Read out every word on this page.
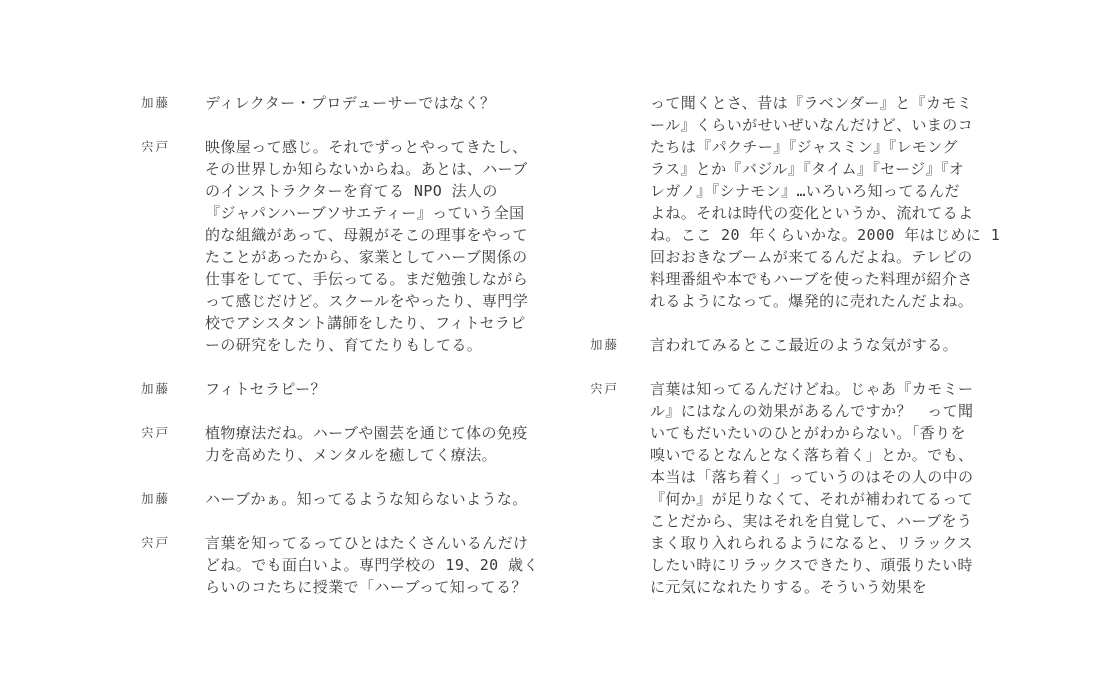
加藤 ディレクター・プロデューサーではなく？
宍戸 映像屋って感じ。それでずっとやってきたし、
その世界しか知らないからね。あとは、ハーブ
のインストラクターを育てる NPO 法人の
『ジャパンハーブソサエティー』っていう全国
的な組織があって、母親がそこの理事をやって
たことがあったから、家業としてハーブ関係の
仕事をしてて、手伝ってる。まだ勉強しながら
って感じだけど。スクールをやったり、専門学
校でアシスタント講師をしたり、フィトセラピ
ーの研究をしたり、育てたりもしてる。
加藤 フィトセラピー？
宍戸 植物療法だね。ハーブや園芸を通じて体の免疫
力を高めたり、メンタルを癒してく療法。
加藤 ハーブかぁ。知ってるような知らないような。
宍戸 言葉を知ってるってひとはたくさんいるんだけ
どね。でも面白いよ。専門学校の 19、20 歳く
らいのコたちに授業で「ハーブって知ってる？
って聞くとさ、昔は『ラベンダー』と『カモミ
ール』くらいがせいぜいなんだけど、いまのコ
たちは『パクチー』『ジャスミン』『レモング
ラス』とか『バジル』『タイム』『セージ』『オ
レガノ』『シナモン』…いろいろ知ってるんだ
よね。それは時代の変化というか、流れてるよ
ね。ここ 20 年くらいかな。2000 年はじめに 1
回おおきなブームが来てるんだよね。テレビの
料理番組や本でもハーブを使った料理が紹介さ
れるようになって。爆発的に売れたんだよね。
加藤 言われてみるとここ最近のような気がする。
宍戸 言葉は知ってるんだけどね。じゃあ『カモミー
ル』にはなんの効果があるんですか？　って聞
いてもだいたいのひとがわからない。「香りを
嗅いでるとなんとなく落ち着く」とか。でも、
本当は「落ち着く」っていうのはその人の中の
『何か』が足りなくて、それが補われてるって
ことだから、実はそれを自覚して、ハーブをう
まく取り入れられるようになると、リラックス
したい時にリラックスできたり、頑張りたい時
に元気になれたりする。そういう効果を
